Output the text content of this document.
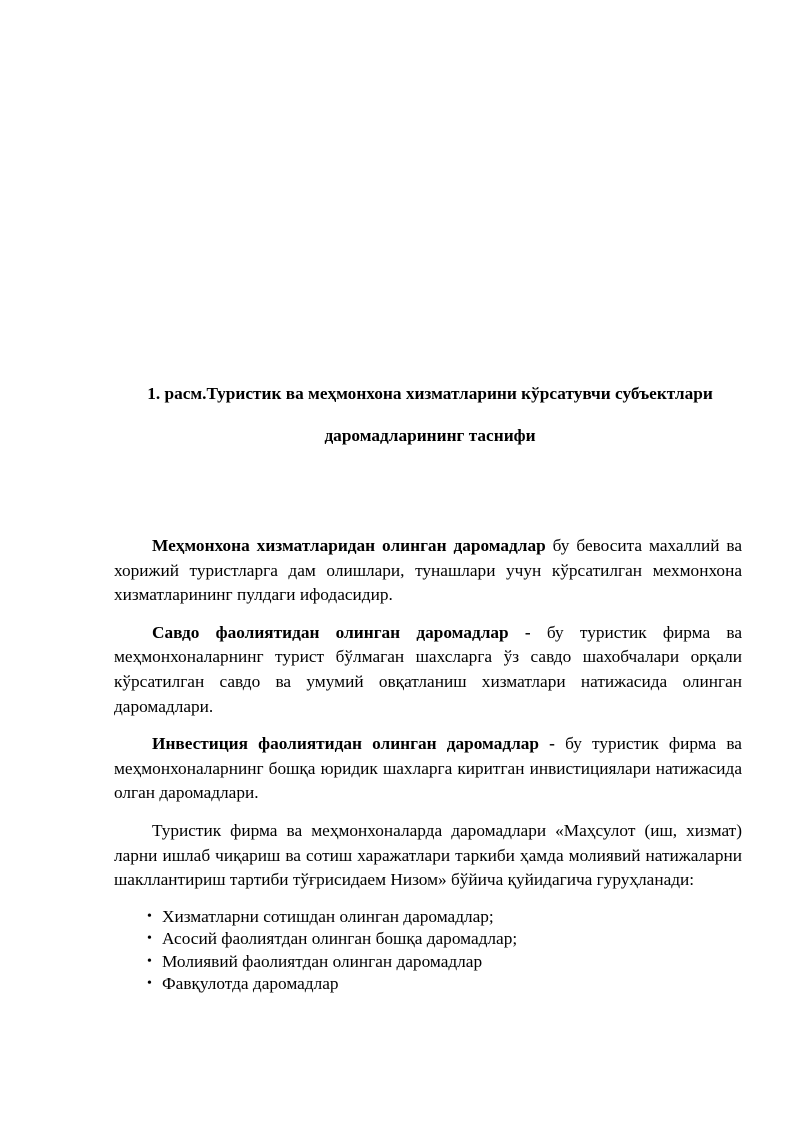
1. расм.Туристик ва меҳмонхона хизматларини кўрсатувчи субъектлари

даромадларининг таснифи

Меҳмонхона хизматларидан олинган даромадлар бу бевосита махаллий ва хорижий туристларга дам олишлари, тунашлари учун кўрсатилган мехмонхона хизматларининг пулдаги ифодасидир.

Савдо фаолиятидан олинган даромадлар - бу туристик фирма ва меҳмонхоналарнинг турист бўлмаган шахсларга ўз савдо шахобчалари орқали кўрсатилган савдо ва умумий овқатланиш хизматлари натижасида олинган даромадлари.

Инвестиция фаолиятидан олинган даромадлар - бу туристик фирма ва меҳмонхоналарнинг бошқа юридик шахларга киритган инвистициялари натижасида олган даромадлари.

Туристик фирма ва меҳмонхоналарда даромадлари «Маҳсулот (иш, хизмат) ларни ишлаб чиқариш ва сотиш харажатлари таркиби ҳамда молиявий натижаларни шакллантириш тартиби тўғрисидаем Низом» бўйича қуйидагича гуруҳланади:

• Хизматларни сотишдан олинган даромадлар;
• Асосий фаолиятдан олинган бошқа даромадлар;
• Молиявий фаолиятдан олинган даромадлар
• Фавқулотда даромадлар
